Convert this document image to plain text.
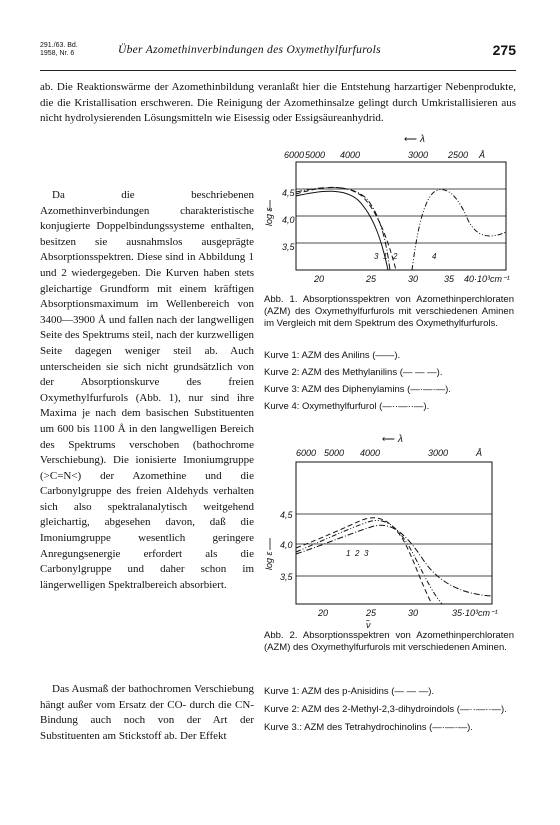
291./63. Bd.
1958, Nr. 6	Über Azomethinverbindungen des Oxymethylfurfurols	275
ab. Die Reaktionswärme der Azomethinbildung veranlaßt hier die Entstehung harzartiger Nebenprodukte, die die Kristallisation erschweren. Die Reinigung der Azomethinsalze gelingt durch Umkristallisieren aus nicht hydrolysierenden Lösungsmitteln wie Eisessig oder Essigsäureanhydrid.

Da die beschriebenen Azomethinverbindungen charakteristische konjugierte Doppelbindungssysteme enthalten, besitzen sie ausnahmslos ausgeprägte Absorptionsspektren. Diese sind in Abbildung 1 und 2 wiedergegeben. Die Kurven haben stets gleichartige Grundform mit einem kräftigen Absorptionsmaximum im Wellenbereich von 3400—3900 Å und fallen nach der langwelligen Seite des Spektrums steil, nach der kurzwelligen Seite dagegen weniger steil ab. Auch unterscheiden sie sich nicht grundsätzlich von der Absorptionskurve des freien Oxymethylfurfurols (Abb. 1), nur sind ihre Maxima je nach dem basischen Substituenten um 600 bis 1100 Å in den langwelligen Bereich des Spektrums verschoben (bathochrome Verschiebung). Die ionisierte Imoniumgruppe (>C=N<) der Azomethine und die Carbonylgruppe des freien Aldehyds verhalten sich also spektralanalytisch weitgehend gleichartig, abgesehen davon, daß die Imoniumgruppe wesentlich geringere Anregungsenergie erfordert als die Carbonylgruppe und daher schon im längerwelligen Spektralbereich absorbiert.

Das Ausmaß der bathochromen Verschiebung hängt außer vom Ersatz der CO- durch die CN-Bindung auch noch von der Art der Substituenten am Stickstoff ab. Der Effekt

⟵ λ
6000 5000 4000	3000 2500 Å
4,5
4,0
3,5
log ε
3 1 2	4
20	25	30	35 40·10³cm⁻¹
Abb. 1. Absorptionsspektren von Azomethinperchloraten (AZM) des Oxymethylfurfurols mit verschiedenen Aminen im Vergleich mit dem Spektrum des Oxymethylfurfurols.
Kurve 1: AZM des Anilins (——).
Kurve 2: AZM des Methylanilins (— — —).
Kurve 3: AZM des Diphenylamins (—·—·—).
Kurve 4: Oxymethylfurfurol (—··—··—).
⟵ λ
6000 5000 4000	3000	Å
4,5
4,0
3,5
log ε	1 2 3
20	25	30	35·10³cm⁻¹
ν̃
Abb. 2. Absorptionsspektren von Azomethinperchloraten (AZM) des Oxymethylfurfurols mit verschiedenen Aminen.
Kurve 1: AZM des p-Anisidins (— — —).
Kurve 2: AZM des 2-Methyl-2,3-dihydroindols (—··—··—).
Kurve 3.: AZM des Tetrahydrochinolins (—·—·—).
